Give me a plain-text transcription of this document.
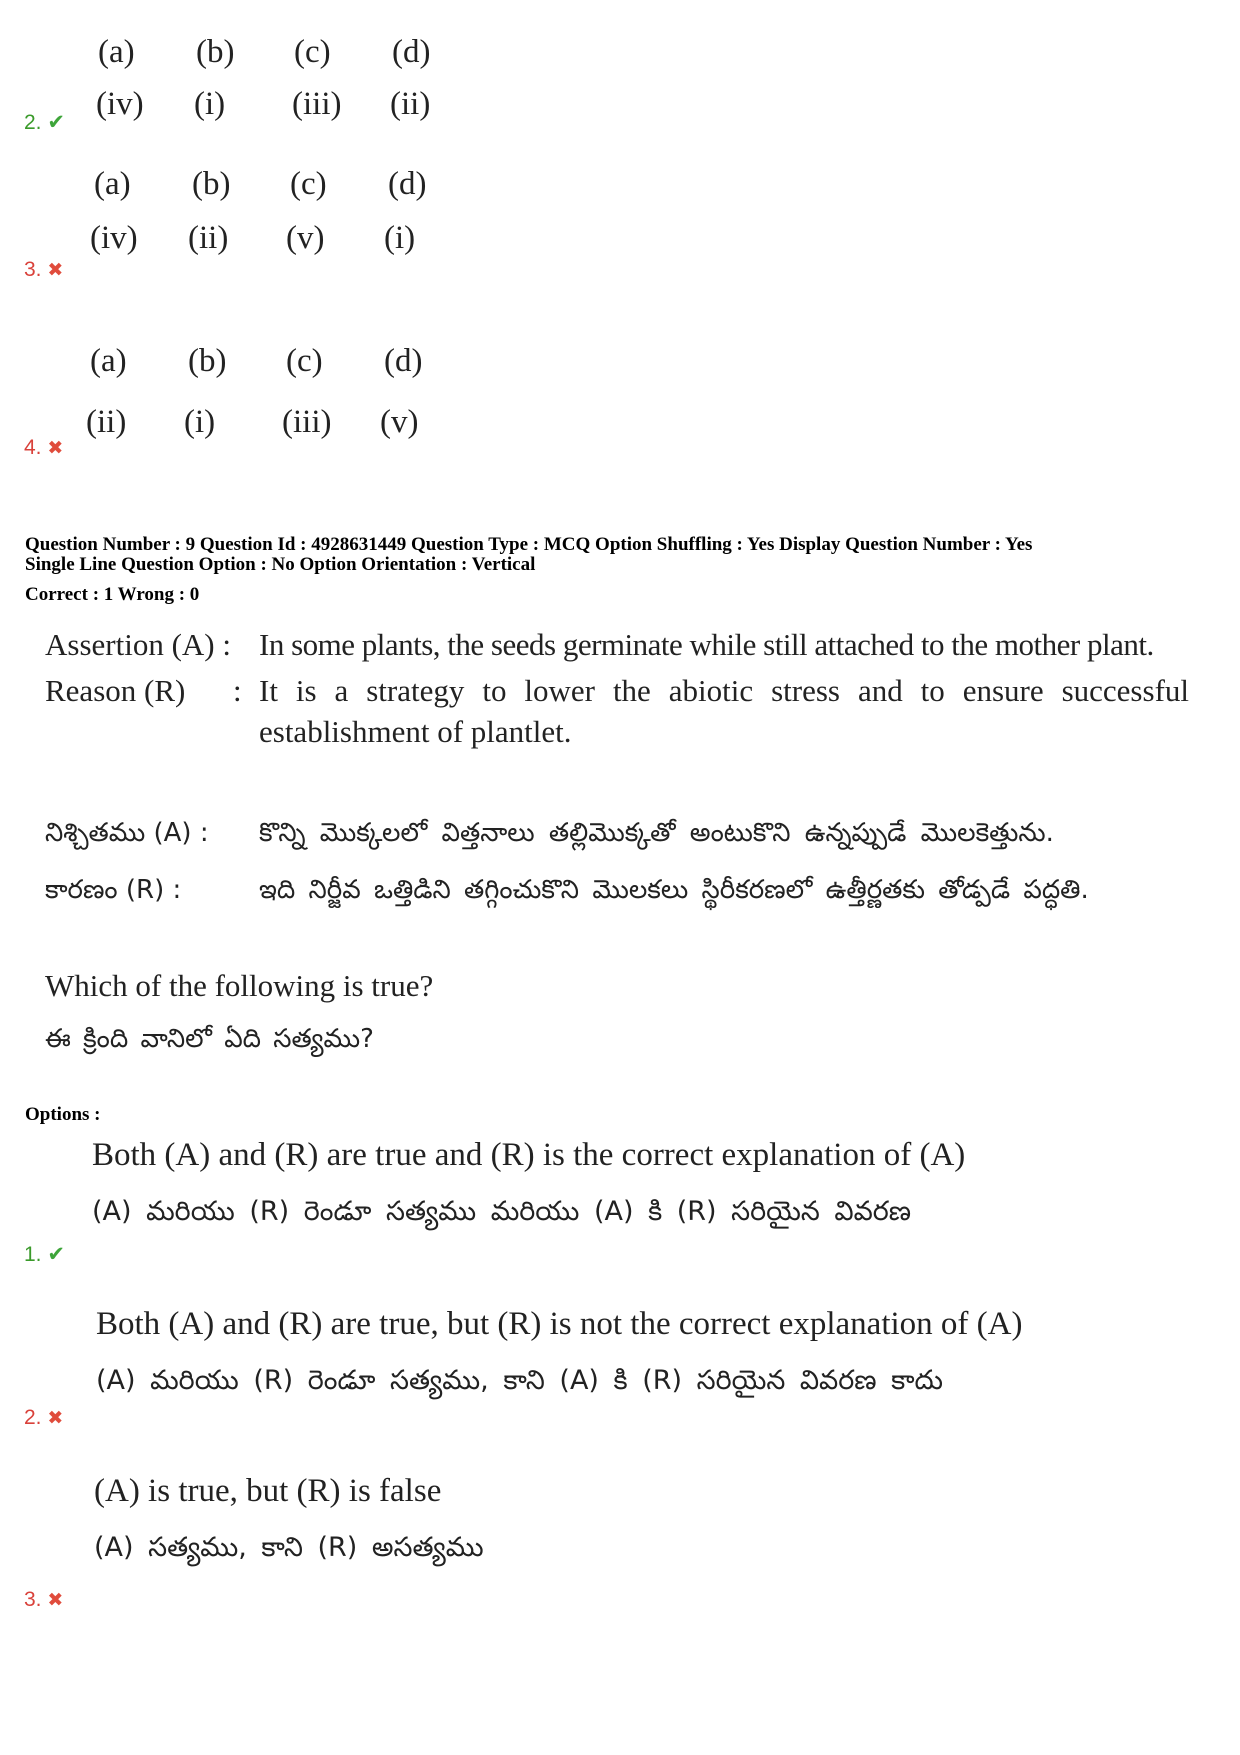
(a)	(b)	(c)	(d)
(iv)	(i)	(iii)	(ii)
2. ✔
(a)	(b)	(c)	(d)
(iv)	(ii)	(v)	(i)
3. ✖
(a)	(b)	(c)	(d)
(ii)	(i)	(iii)	(v)
4. ✖
Question Number : 9 Question Id : 4928631449 Question Type : MCQ Option Shuffling : Yes Display Question Number : Yes
Single Line Question Option : No Option Orientation : Vertical
Correct : 1 Wrong : 0
Assertion (A) : In some plants, the seeds germinate while still attached to the mother plant.
Reason (R) : It is a strategy to lower the abiotic stress and to ensure successful
establishment of plantlet.
నిశ్చితము (A) : కొన్ని మొక్కలలో విత్తనాలు తల్లిమొక్కతో అంటుకొని ఉన్నప్పుడే మొలకెత్తును.
కారణం (R) :	ఇది నిర్జీవ ఒత్తిడిని తగ్గించుకొని మొలకలు స్థిరీకరణలో ఉత్తీర్ణతకు తోడ్పడే పద్ధతి.
Which of the following is true?
ఈ క్రింది వానిలో ఏది సత్యము?
Options :
Both (A) and (R) are true and (R) is the correct explanation of (A)
(A) మరియు (R) రెండూ సత్యము మరియు (A) కి (R) సరియైన వివరణ
1. ✔
Both (A) and (R) are true, but (R) is not the correct explanation of (A)
(A) మరియు (R) రెండూ సత్యము, కాని (A) కి (R) సరియైన వివరణ కాదు
2. ✖
(A) is true, but (R) is false
(A) సత్యము, కాని (R) అసత్యము
3. ✖
